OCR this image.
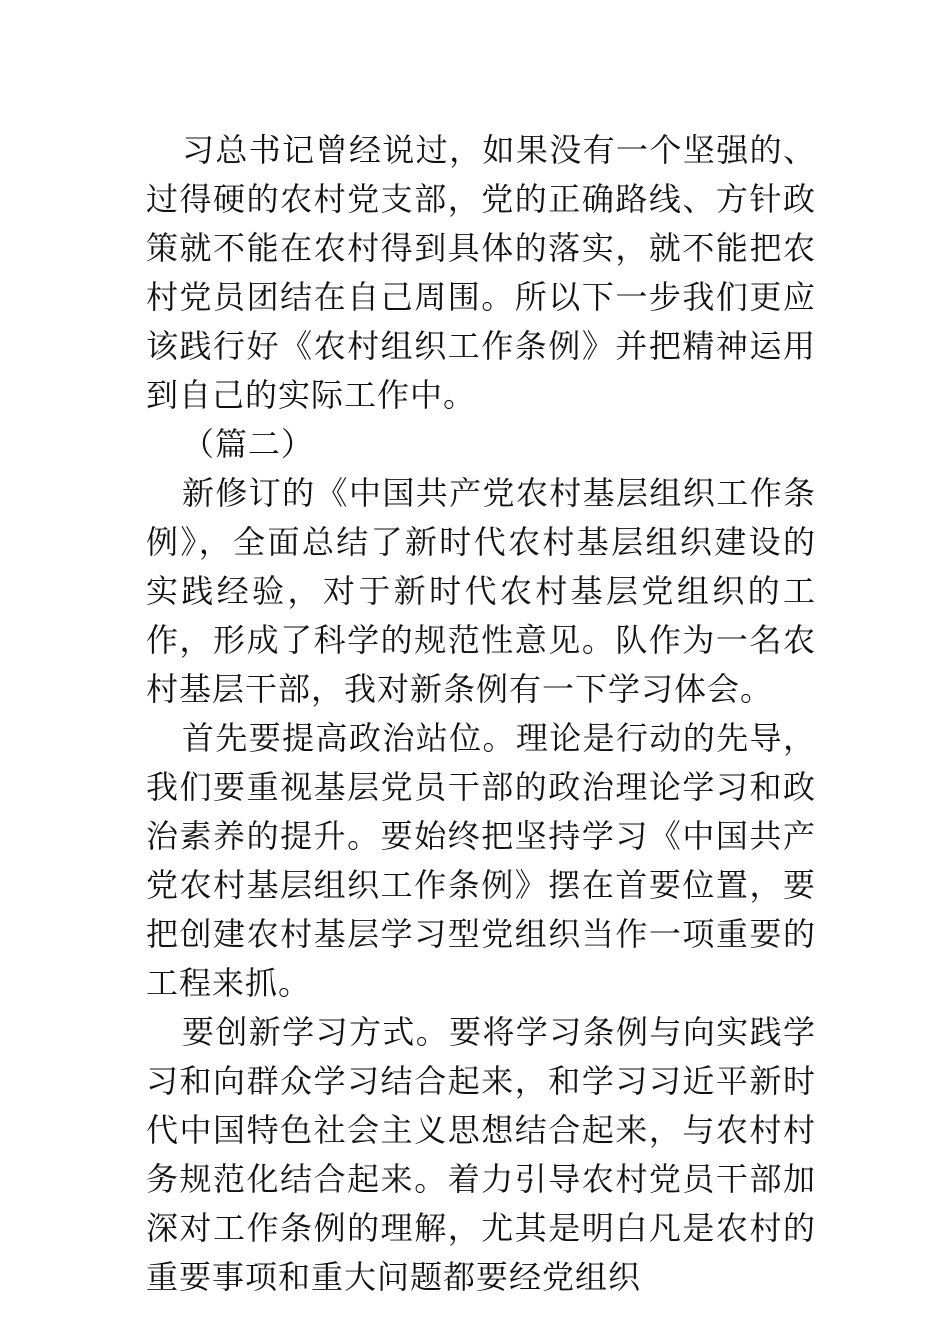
习总书记曾经说过，如果没有一个坚强的、过得硬的农村党支部，党的正确路线、方针政策就不能在农村得到具体的落实，就不能把农村党员团结在自己周围。所以下一步我们更应该践行好《农村组织工作条例》并把精神运用到自己的实际工作中。

（篇二）

新修订的《中国共产党农村基层组织工作条例》，全面总结了新时代农村基层组织建设的实践经验，对于新时代农村基层党组织的工作，形成了科学的规范性意见。队作为一名农村基层干部，我对新条例有一下学习体会。

首先要提高政治站位。理论是行动的先导，我们要重视基层党员干部的政治理论学习和政治素养的提升。要始终把坚持学习《中国共产党农村基层组织工作条例》摆在首要位置，要把创建农村基层学习型党组织当作一项重要的工程来抓。

要创新学习方式。要将学习条例与向实践学习和向群众学习结合起来，和学习习近平新时代中国特色社会主义思想结合起来，与农村村务规范化结合起来。着力引导农村党员干部加深对工作条例的理解，尤其是明白凡是农村的重要事项和重大问题都要经党组织
